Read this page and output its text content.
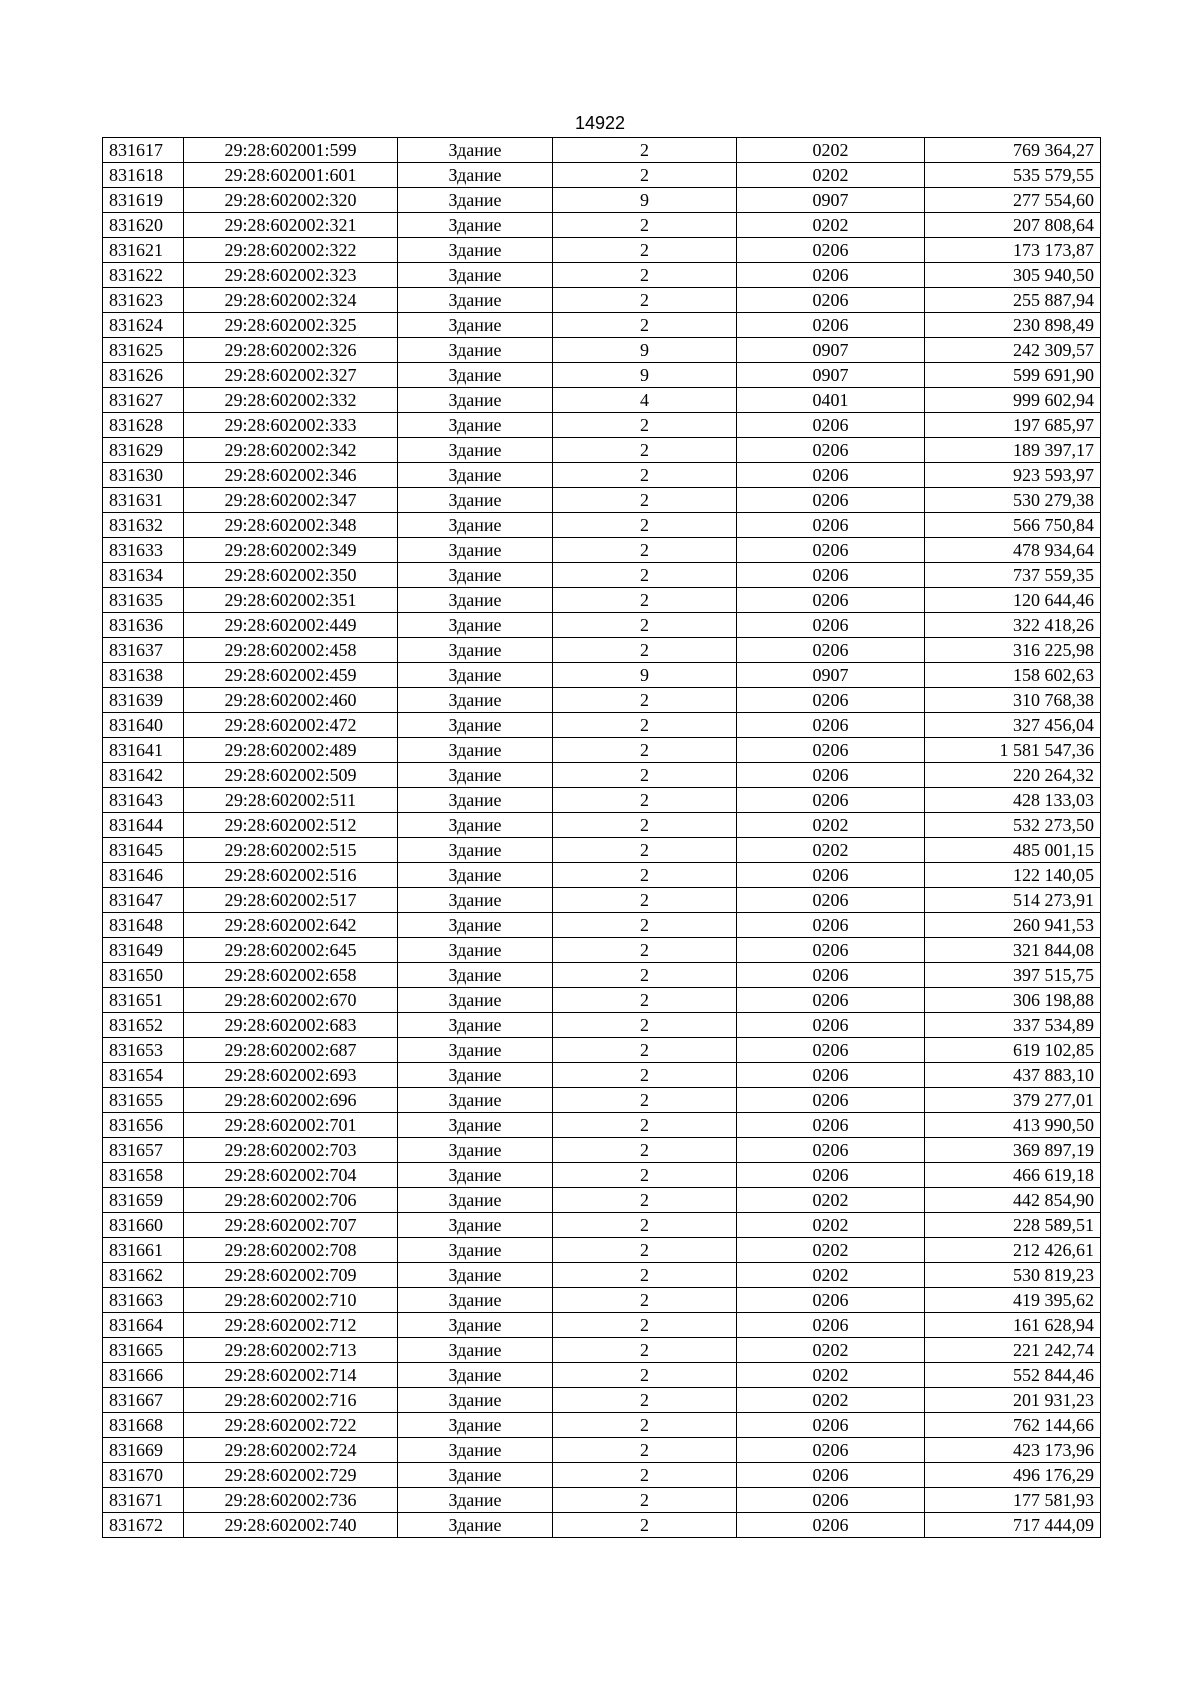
14922
831617	29:28:602001:599	Здание	2	0202	769 364,27
831618	29:28:602001:601	Здание	2	0202	535 579,55
831619	29:28:602002:320	Здание	9	0907	277 554,60
831620	29:28:602002:321	Здание	2	0202	207 808,64
831621	29:28:602002:322	Здание	2	0206	173 173,87
831622	29:28:602002:323	Здание	2	0206	305 940,50
831623	29:28:602002:324	Здание	2	0206	255 887,94
831624	29:28:602002:325	Здание	2	0206	230 898,49
831625	29:28:602002:326	Здание	9	0907	242 309,57
831626	29:28:602002:327	Здание	9	0907	599 691,90
831627	29:28:602002:332	Здание	4	0401	999 602,94
831628	29:28:602002:333	Здание	2	0206	197 685,97
831629	29:28:602002:342	Здание	2	0206	189 397,17
831630	29:28:602002:346	Здание	2	0206	923 593,97
831631	29:28:602002:347	Здание	2	0206	530 279,38
831632	29:28:602002:348	Здание	2	0206	566 750,84
831633	29:28:602002:349	Здание	2	0206	478 934,64
831634	29:28:602002:350	Здание	2	0206	737 559,35
831635	29:28:602002:351	Здание	2	0206	120 644,46
831636	29:28:602002:449	Здание	2	0206	322 418,26
831637	29:28:602002:458	Здание	2	0206	316 225,98
831638	29:28:602002:459	Здание	9	0907	158 602,63
831639	29:28:602002:460	Здание	2	0206	310 768,38
831640	29:28:602002:472	Здание	2	0206	327 456,04
831641	29:28:602002:489	Здание	2	0206	1 581 547,36
831642	29:28:602002:509	Здание	2	0206	220 264,32
831643	29:28:602002:511	Здание	2	0206	428 133,03
831644	29:28:602002:512	Здание	2	0202	532 273,50
831645	29:28:602002:515	Здание	2	0202	485 001,15
831646	29:28:602002:516	Здание	2	0206	122 140,05
831647	29:28:602002:517	Здание	2	0206	514 273,91
831648	29:28:602002:642	Здание	2	0206	260 941,53
831649	29:28:602002:645	Здание	2	0206	321 844,08
831650	29:28:602002:658	Здание	2	0206	397 515,75
831651	29:28:602002:670	Здание	2	0206	306 198,88
831652	29:28:602002:683	Здание	2	0206	337 534,89
831653	29:28:602002:687	Здание	2	0206	619 102,85
831654	29:28:602002:693	Здание	2	0206	437 883,10
831655	29:28:602002:696	Здание	2	0206	379 277,01
831656	29:28:602002:701	Здание	2	0206	413 990,50
831657	29:28:602002:703	Здание	2	0206	369 897,19
831658	29:28:602002:704	Здание	2	0206	466 619,18
831659	29:28:602002:706	Здание	2	0202	442 854,90
831660	29:28:602002:707	Здание	2	0202	228 589,51
831661	29:28:602002:708	Здание	2	0202	212 426,61
831662	29:28:602002:709	Здание	2	0202	530 819,23
831663	29:28:602002:710	Здание	2	0206	419 395,62
831664	29:28:602002:712	Здание	2	0206	161 628,94
831665	29:28:602002:713	Здание	2	0202	221 242,74
831666	29:28:602002:714	Здание	2	0202	552 844,46
831667	29:28:602002:716	Здание	2	0202	201 931,23
831668	29:28:602002:722	Здание	2	0206	762 144,66
831669	29:28:602002:724	Здание	2	0206	423 173,96
831670	29:28:602002:729	Здание	2	0206	496 176,29
831671	29:28:602002:736	Здание	2	0206	177 581,93
831672	29:28:602002:740	Здание	2	0206	717 444,09
